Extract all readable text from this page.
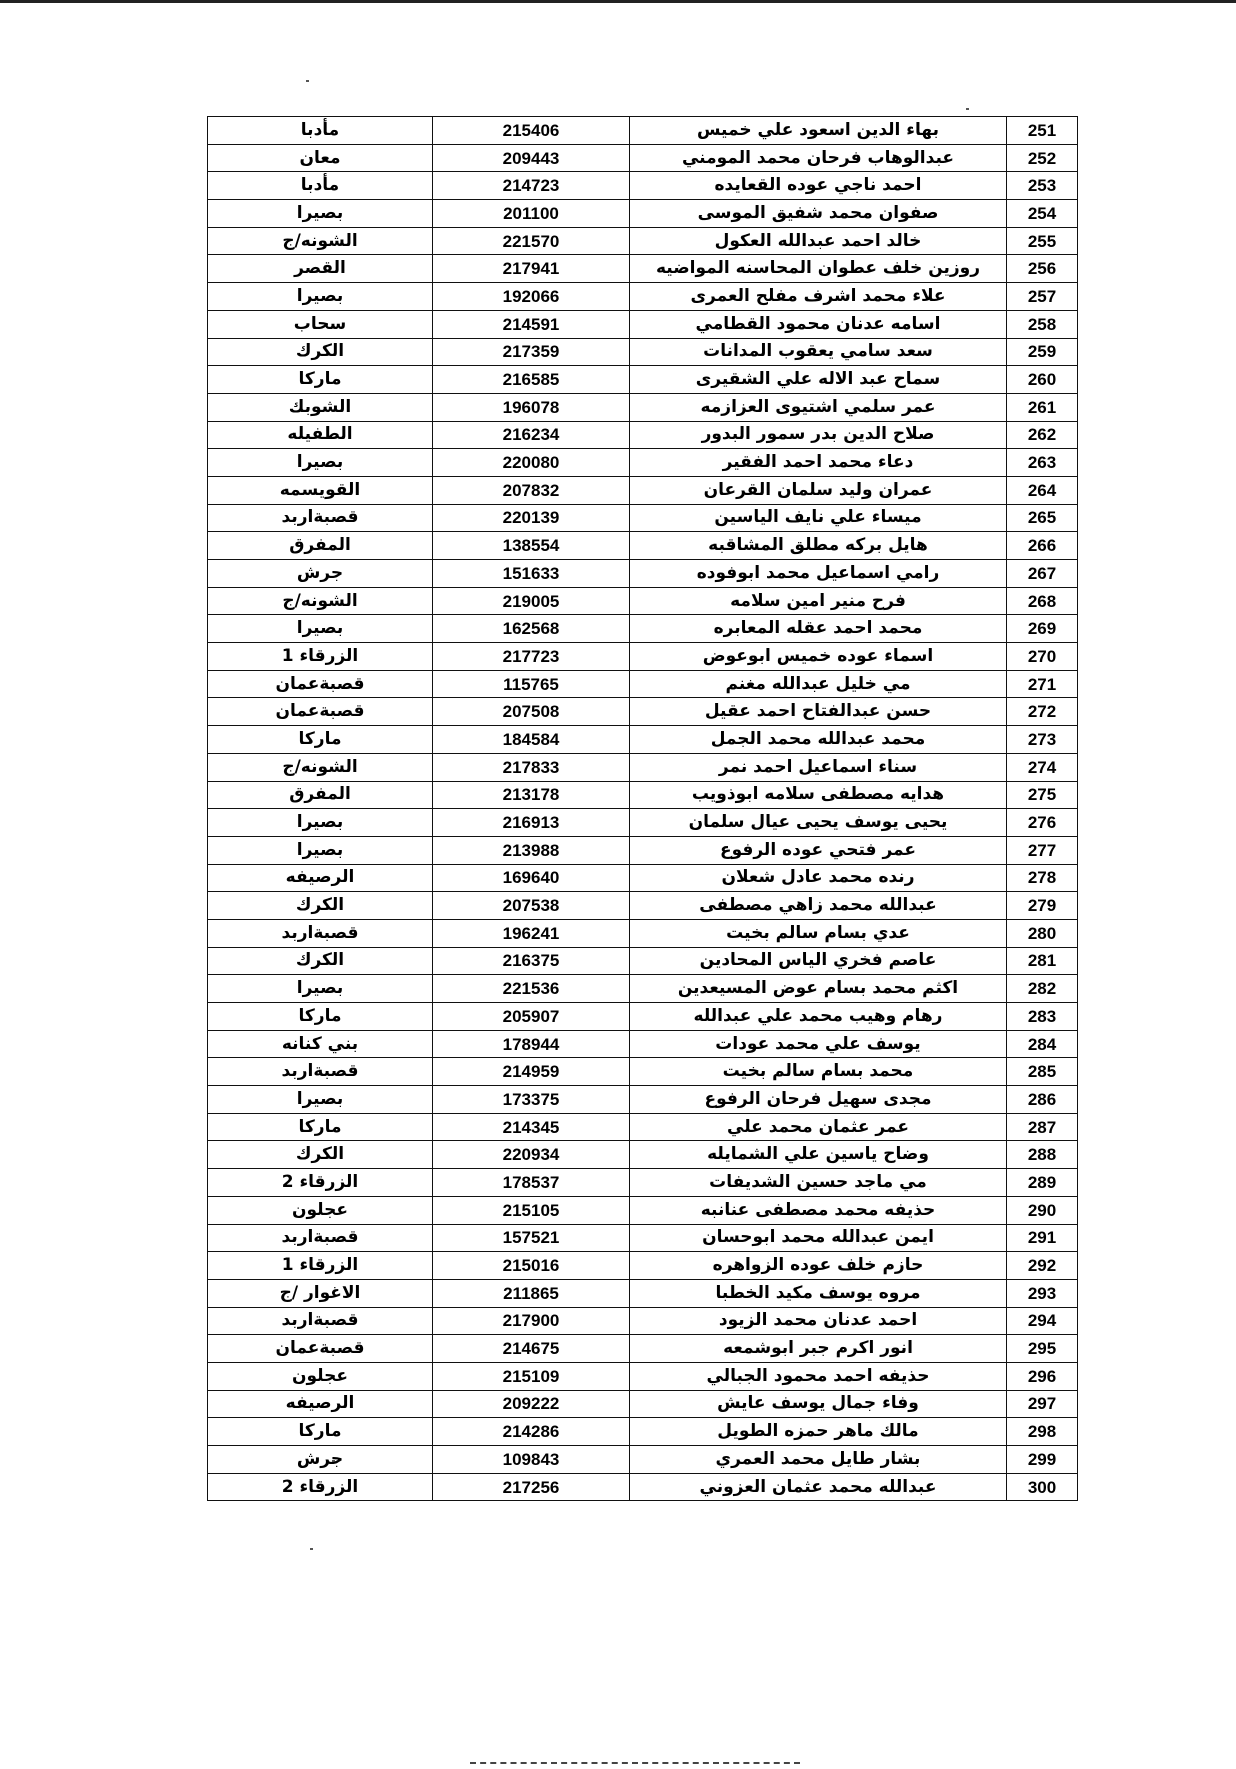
مأدبا	215406	بهاء الدين اسعود علي خميس	251
معان	209443	عبدالوهاب فرحان محمد المومني	252
مأدبا	214723	احمد ناجي عوده القعايده	253
بصيرا	201100	صفوان محمد شفيق الموسى	254
الشونه/ج	221570	خالد احمد عبدالله العكول	255
القصر	217941	روزين خلف عطوان المحاسنه المواضيه	256
بصيرا	192066	علاء محمد اشرف مفلح العمرى	257
سحاب	214591	اسامه عدنان محمود القطامي	258
الكرك	217359	سعد سامي يعقوب المدانات	259
ماركا	216585	سماح عبد الاله علي الشقيرى	260
الشوبك	196078	عمر سلمي اشتيوى العزازمه	261
الطفيله	216234	صلاح الدين بدر سمور البدور	262
بصيرا	220080	دعاء محمد احمد الفقير	263
القويسمه	207832	عمران وليد سلمان القرعان	264
قصبةاربد	220139	ميساء علي نايف الياسين	265
المفرق	138554	هايل بركه مطلق المشاقبه	266
جرش	151633	رامي اسماعيل محمد ابوفوده	267
الشونه/ج	219005	فرح منير امين سلامه	268
بصيرا	162568	محمد احمد عقله المعابره	269
الزرقاء 1	217723	اسماء عوده خميس ابوعوض	270
قصبةعمان	115765	مي خليل عبدالله مغنم	271
قصبةعمان	207508	حسن عبدالفتاح احمد عقيل	272
ماركا	184584	محمد عبدالله محمد الجمل	273
الشونه/ج	217833	سناء اسماعيل احمد نمر	274
المفرق	213178	هدايه مصطفى سلامه ابوذويب	275
بصيرا	216913	يحيى يوسف يحيى عيال سلمان	276
بصيرا	213988	عمر فتحي عوده الرفوع	277
الرصيفه	169640	رنده محمد عادل شعلان	278
الكرك	207538	عبدالله محمد زاهي مصطفى	279
قصبةاربد	196241	عدي بسام سالم بخيت	280
الكرك	216375	عاصم فخري الياس المحادين	281
بصيرا	221536	اكثم محمد بسام عوض المسيعدين	282
ماركا	205907	رهام وهيب محمد علي عبدالله	283
بني كنانه	178944	يوسف علي محمد عودات	284
قصبةاربد	214959	محمد بسام سالم بخيت	285
بصيرا	173375	مجدى سهيل فرحان الرفوع	286
ماركا	214345	عمر عثمان محمد علي	287
الكرك	220934	وضاح ياسين علي الشمايله	288
الزرقاء 2	178537	مي ماجد حسين الشديفات	289
عجلون	215105	حذيفه محمد مصطفى عنانبه	290
قصبةاربد	157521	ايمن عبدالله محمد ابوحسان	291
الزرقاء 1	215016	حازم خلف عوده الزواهره	292
الاغوار /ج	211865	مروه يوسف مكيد الخطبا	293
قصبةاربد	217900	احمد عدنان محمد الزيود	294
قصبةعمان	214675	انور اكرم جبر ابوشمعه	295
عجلون	215109	حذيفه احمد محمود الجبالي	296
الرصيفه	209222	وفاء جمال يوسف عايش	297
ماركا	214286	مالك ماهر حمزه الطويل	298
جرش	109843	بشار طايل محمد العمري	299
الزرقاء 2	217256	عبدالله محمد عثمان العزوني	300
